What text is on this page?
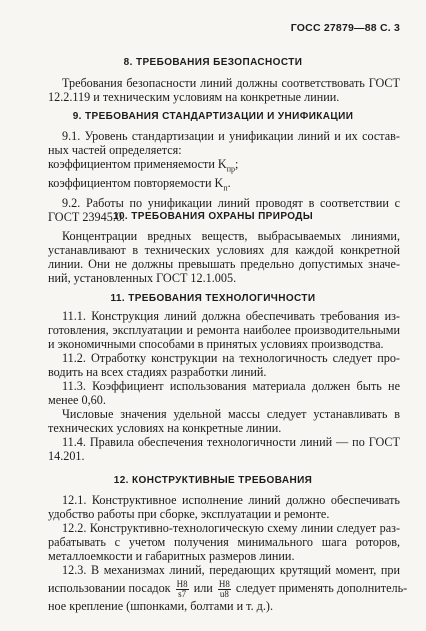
ГОСС 27879—88 С. 3
8. ТРЕБОВАНИЯ БЕЗОПАСНОСТИ
Требования безопасности линий должны соответствовать ГОСТ
12.2.119 и техническим условиям на конкретные линии.
9. ТРЕБОВАНИЯ СТАНДАРТИЗАЦИИ И УНИФИКАЦИИ
9.1. Уровень стандартизации и унификации линий и их состав-
ных частей определяется:
коэффициентом применяемости $K_{пр}$;
коэффициентом повторяемости $K_п$.
9.2. Работы по унификации линий проводят в соответствии с
ГОСТ 23945.0.
10. ТРЕБОВАНИЯ ОХРАНЫ ПРИРОДЫ
Концентрации вредных веществ, выбрасываемых линиями,
устанавливают в технических условиях для каждой конкретной
линии. Они не должны превышать предельно допустимых значе-
ний, установленных ГОСТ 12.1.005.
11. ТРЕБОВАНИЯ ТЕХНОЛОГИЧНОСТИ
11.1. Конструкция линий должна обеспечивать требования из-
готовления, эксплуатации и ремонта наиболее производительными
и экономичными способами в принятых условиях производства.
11.2. Отработку конструкции на технологичность следует про-
водить на всех стадиях разработки линий.
11.3. Коэффициент использования материала должен быть не
менее 0,60.
Числовые значения удельной массы следует устанавливать в
технических условиях на конкретные линии.
11.4. Правила обеспечения технологичности линий — по ГОСТ
14.201.
12. КОНСТРУКТИВНЫЕ ТРЕБОВАНИЯ
12.1. Конструктивное исполнение линий должно обеспечивать
удобство работы при сборке, эксплуатации и ремонте.
12.2. Конструктивно-технологическую схему линии следует раз-
рабатывать с учетом получения минимального шага роторов,
металлоемкости и габаритных размеров линии.
12.3. В механизмах линий, передающих крутящий момент, при
использовании посадок $\frac{H8}{s7}$ или $\frac{H8}{u8}$ следует применять дополнитель-
ное крепление (шпонками, болтами и т. д.).
